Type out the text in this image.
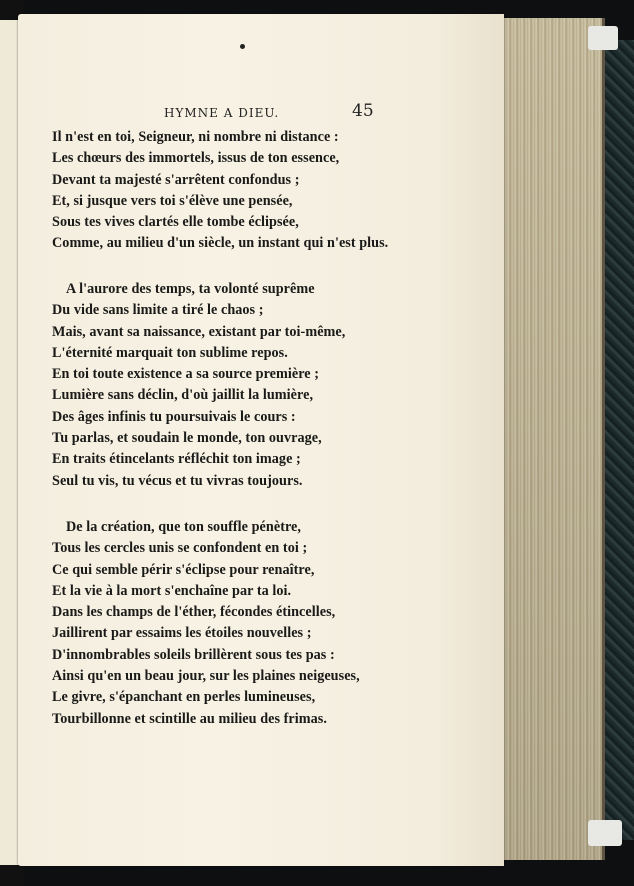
HYMNE A DIEU.	45
Il n'est en toi, Seigneur, ni nombre ni distance :
Les chœurs des immortels, issus de ton essence,
Devant ta majesté s'arrêtent confondus ;
Et, si jusque vers toi s'élève une pensée,
Sous tes vives clartés elle tombe éclipsée,
Comme, au milieu d'un siècle, un instant qui n'est plus.
A l'aurore des temps, ta volonté suprême
Du vide sans limite a tiré le chaos ;
Mais, avant sa naissance, existant par toi-même,
L'éternité marquait ton sublime repos.
En toi toute existence a sa source première ;
Lumière sans déclin, d'où jaillit la lumière,
Des âges infinis tu poursuivais le cours :
Tu parlas, et soudain le monde, ton ouvrage,
En traits étincelants réfléchit ton image ;
Seul tu vis, tu vécus et tu vivras toujours.
De la création, que ton souffle pénètre,
Tous les cercles unis se confondent en toi ;
Ce qui semble périr s'éclipse pour renaître,
Et la vie à la mort s'enchaîne par ta loi.
Dans les champs de l'éther, fécondes étincelles,
Jaillirent par essaims les étoiles nouvelles ;
D'innombrables soleils brillèrent sous tes pas :
Ainsi qu'en un beau jour, sur les plaines neigeuses,
Le givre, s'épanchant en perles lumineuses,
Tourbillonne et scintille au milieu des frimas.
